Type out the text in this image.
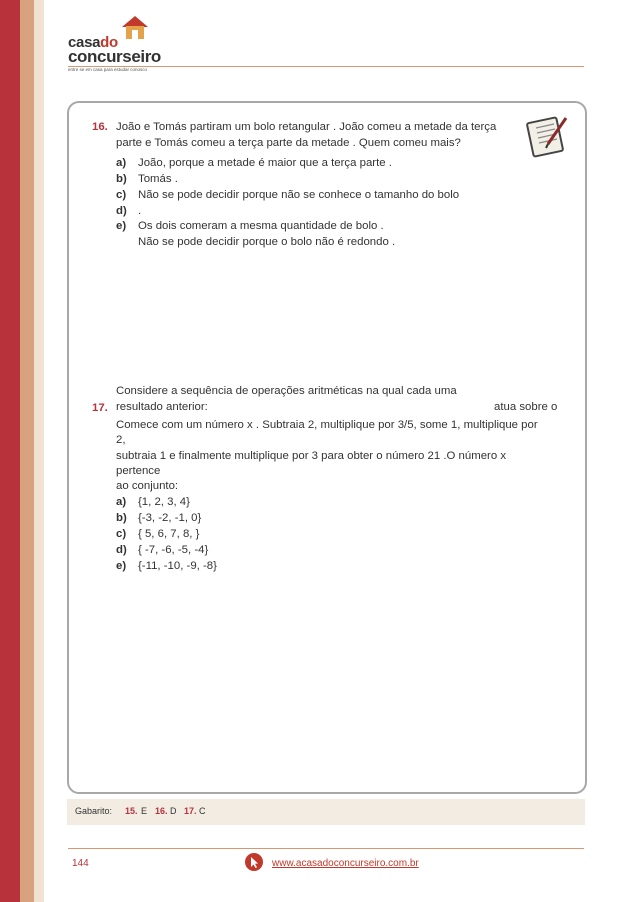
casado
concurseiro
entre se em casa para estudar conosco
16. João e Tomás partiram um bolo retangular . João comeu a metade da terça
parte e Tomás comeu a terça parte da metade . Quem comeu mais?
a) João, porque a metade é maior que a terça parte .
b) Tomás .
c) Não se pode decidir porque não se conhece o tamanho do bolo
d) .
e) Os dois comeram a mesma quantidade de bolo .
Não se pode decidir porque o bolo não é redondo .
Considere a sequência de operações aritméticas na qual cada uma
17. resultado anterior:	atua sobre o
Comece com um número x . Subtraia 2, multiplique por 3/5, some 1, multiplique por
2,
subtraia 1 e finalmente multiplique por 3 para obter o número 21 .O número x
pertence
ao conjunto:
a) {1, 2, 3, 4}
b) {-3, -2, -1, 0}
c) { 5, 6, 7, 8, }
d) { -7, -6, -5, -4}
e) {-11, -10, -9, -8}
Gabarito: 15. E 16. D 17. C
144	www.acasadoconcurseiro.com.br
